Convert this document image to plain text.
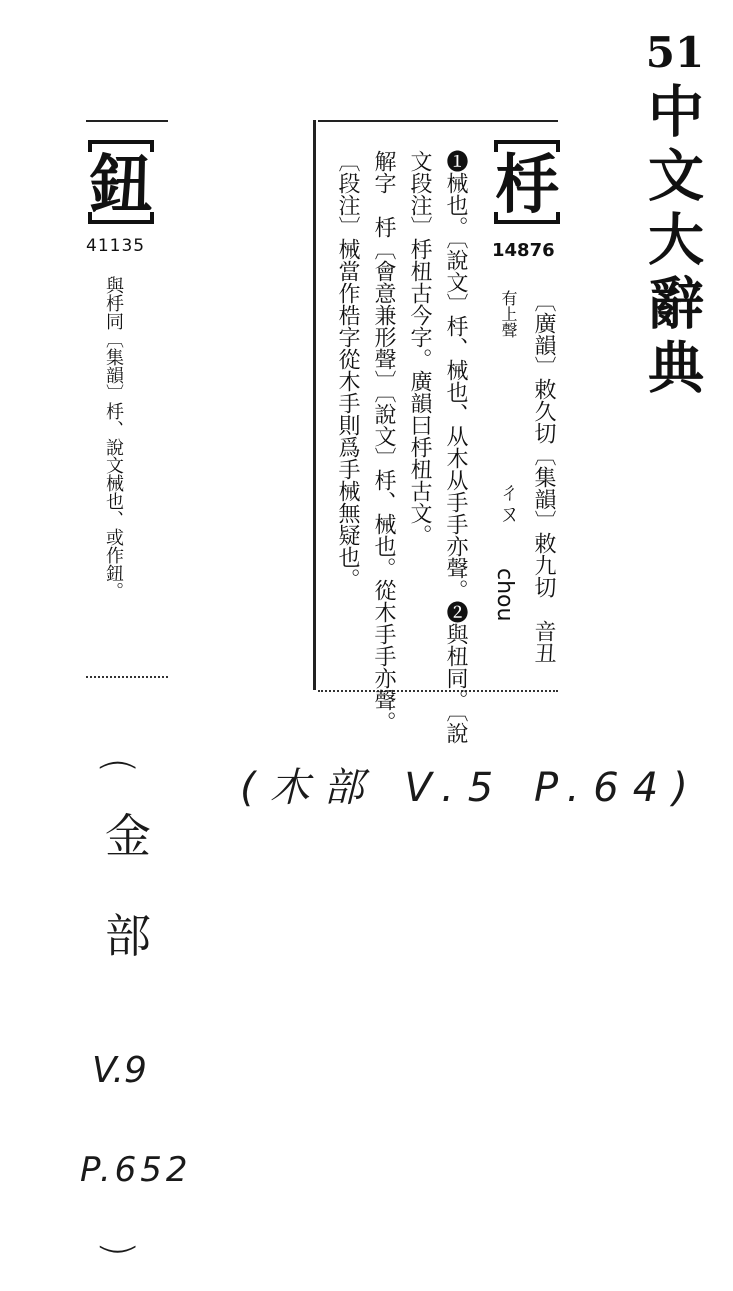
51
中文大辭典
杽
14876
〔廣韻〕敕久切〔集韻〕敕九切　音丑
有上聲
ㄔㄡ
chou
❶械也。〔說文〕杽、械也、从木从手手亦聲。❷與杻同。〔說
文段注〕杽杻古今字。廣韻曰杽杻古文。
解字　杽〔會意兼形聲〕〔說文〕杽、械也。從木手手亦聲。
〔段注〕械當作梏字從木手則爲手械無疑也。
鈕
41135
與杽同〔集韻〕杽、說文械也、或作鈕。
(木部 V.5 P.64)
(
金
部
V.9
P.652
)
